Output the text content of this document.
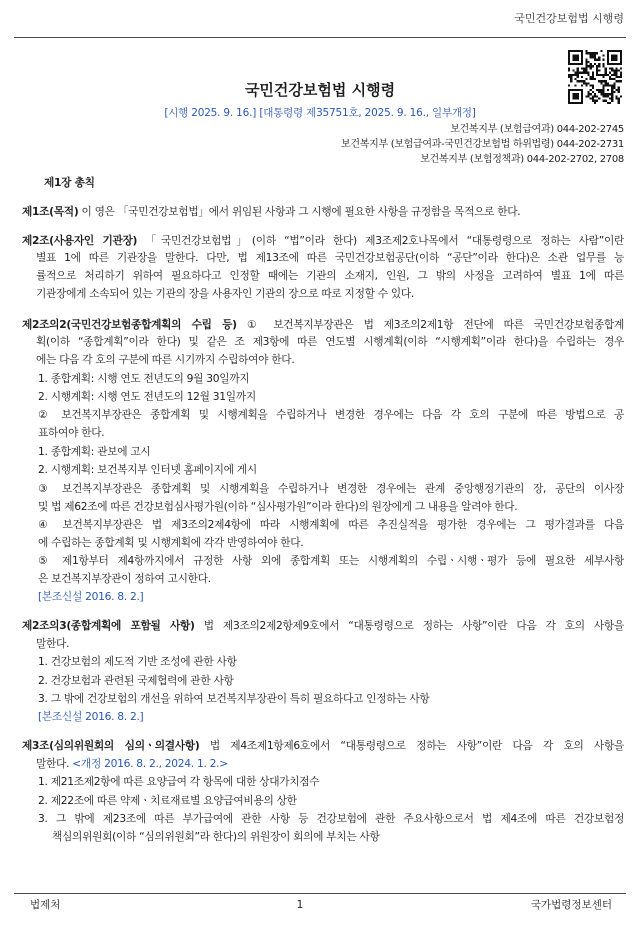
국민건강보험법 시행령
국민건강보험법 시행령
[시행 2025. 9. 16.] [대통령령 제35751호, 2025. 9. 16., 일부개정]
보건복지부 (보험급여과) 044-202-2745
보건복지부 (보험급여과-국민건강보험법 하위법령) 044-202-2731
보건복지부 (보험정책과) 044-202-2702, 2708
제1장 총칙
제1조(목적) 이 영은 「국민건강보험법」에서 위임된 사항과 그 시행에 필요한 사항을 규정함을 목적으로 한다.
제2조(사용자인 기관장) 「국민건강보험법」(이하 “법”이라 한다) 제3조제2호나목에서 “대통령령으로 정하는 사람”이란
별표 1에 따른 기관장을 말한다. 다만, 법 제13조에 따른 국민건강보험공단(이하 “공단”이라 한다)은 소관 업무를 능
률적으로 처리하기 위하여 필요하다고 인정할 때에는 기관의 소재지, 인원, 그 밖의 사정을 고려하여 별표 1에 따른
기관장에게 소속되어 있는 기관의 장을 사용자인 기관의 장으로 따로 지정할 수 있다.
제2조의2(국민건강보험종합계획의 수립 등) ① 보건복지부장관은 법 제3조의2제1항 전단에 따른 국민건강보험종합계
획(이하 “종합계획”이라 한다) 및 같은 조 제3항에 따른 연도별 시행계획(이하 “시행계획”이라 한다)을 수립하는 경우
에는 다음 각 호의 구분에 따른 시기까지 수립하여야 한다.
1. 종합계획: 시행 연도 전년도의 9월 30일까지
2. 시행계획: 시행 연도 전년도의 12월 31일까지
② 보건복지부장관은 종합계획 및 시행계획을 수립하거나 변경한 경우에는 다음 각 호의 구분에 따른 방법으로 공
표하여야 한다.
1. 종합계획: 관보에 고시
2. 시행계획: 보건복지부 인터넷 홈페이지에 게시
③ 보건복지부장관은 종합계획 및 시행계획을 수립하거나 변경한 경우에는 관계 중앙행정기관의 장, 공단의 이사장
및 법 제62조에 따른 건강보험심사평가원(이하 “심사평가원”이라 한다)의 원장에게 그 내용을 알려야 한다.
④ 보건복지부장관은 법 제3조의2제4항에 따라 시행계획에 따른 추진실적을 평가한 경우에는 그 평가결과를 다음
에 수립하는 종합계획 및 시행계획에 각각 반영하여야 한다.
⑤ 제1항부터 제4항까지에서 규정한 사항 외에 종합계획 또는 시행계획의 수립ㆍ시행ㆍ평가 등에 필요한 세부사항
은 보건복지부장관이 정하여 고시한다.
[본조신설 2016. 8. 2.]
제2조의3(종합계획에 포함될 사항) 법 제3조의2제2항제9호에서 “대통령령으로 정하는 사항”이란 다음 각 호의 사항을
말한다.
1. 건강보험의 제도적 기반 조성에 관한 사항
2. 건강보험과 관련된 국제협력에 관한 사항
3. 그 밖에 건강보험의 개선을 위하여 보건복지부장관이 특히 필요하다고 인정하는 사항
[본조신설 2016. 8. 2.]
제3조(심의위원회의 심의ㆍ의결사항) 법 제4조제1항제6호에서 “대통령령으로 정하는 사항”이란 다음 각 호의 사항을
말한다. <개정 2016. 8. 2., 2024. 1. 2.>
1. 제21조제2항에 따른 요양급여 각 항목에 대한 상대가치점수
2. 제22조에 따른 약제ㆍ치료재료별 요양급여비용의 상한
3. 그 밖에 제23조에 따른 부가급여에 관한 사항 등 건강보험에 관한 주요사항으로서 법 제4조에 따른 건강보험정
책심의위원회(이하 “심의위원회”라 한다)의 위원장이 회의에 부치는 사항
법제처	1	국가법령정보센터
